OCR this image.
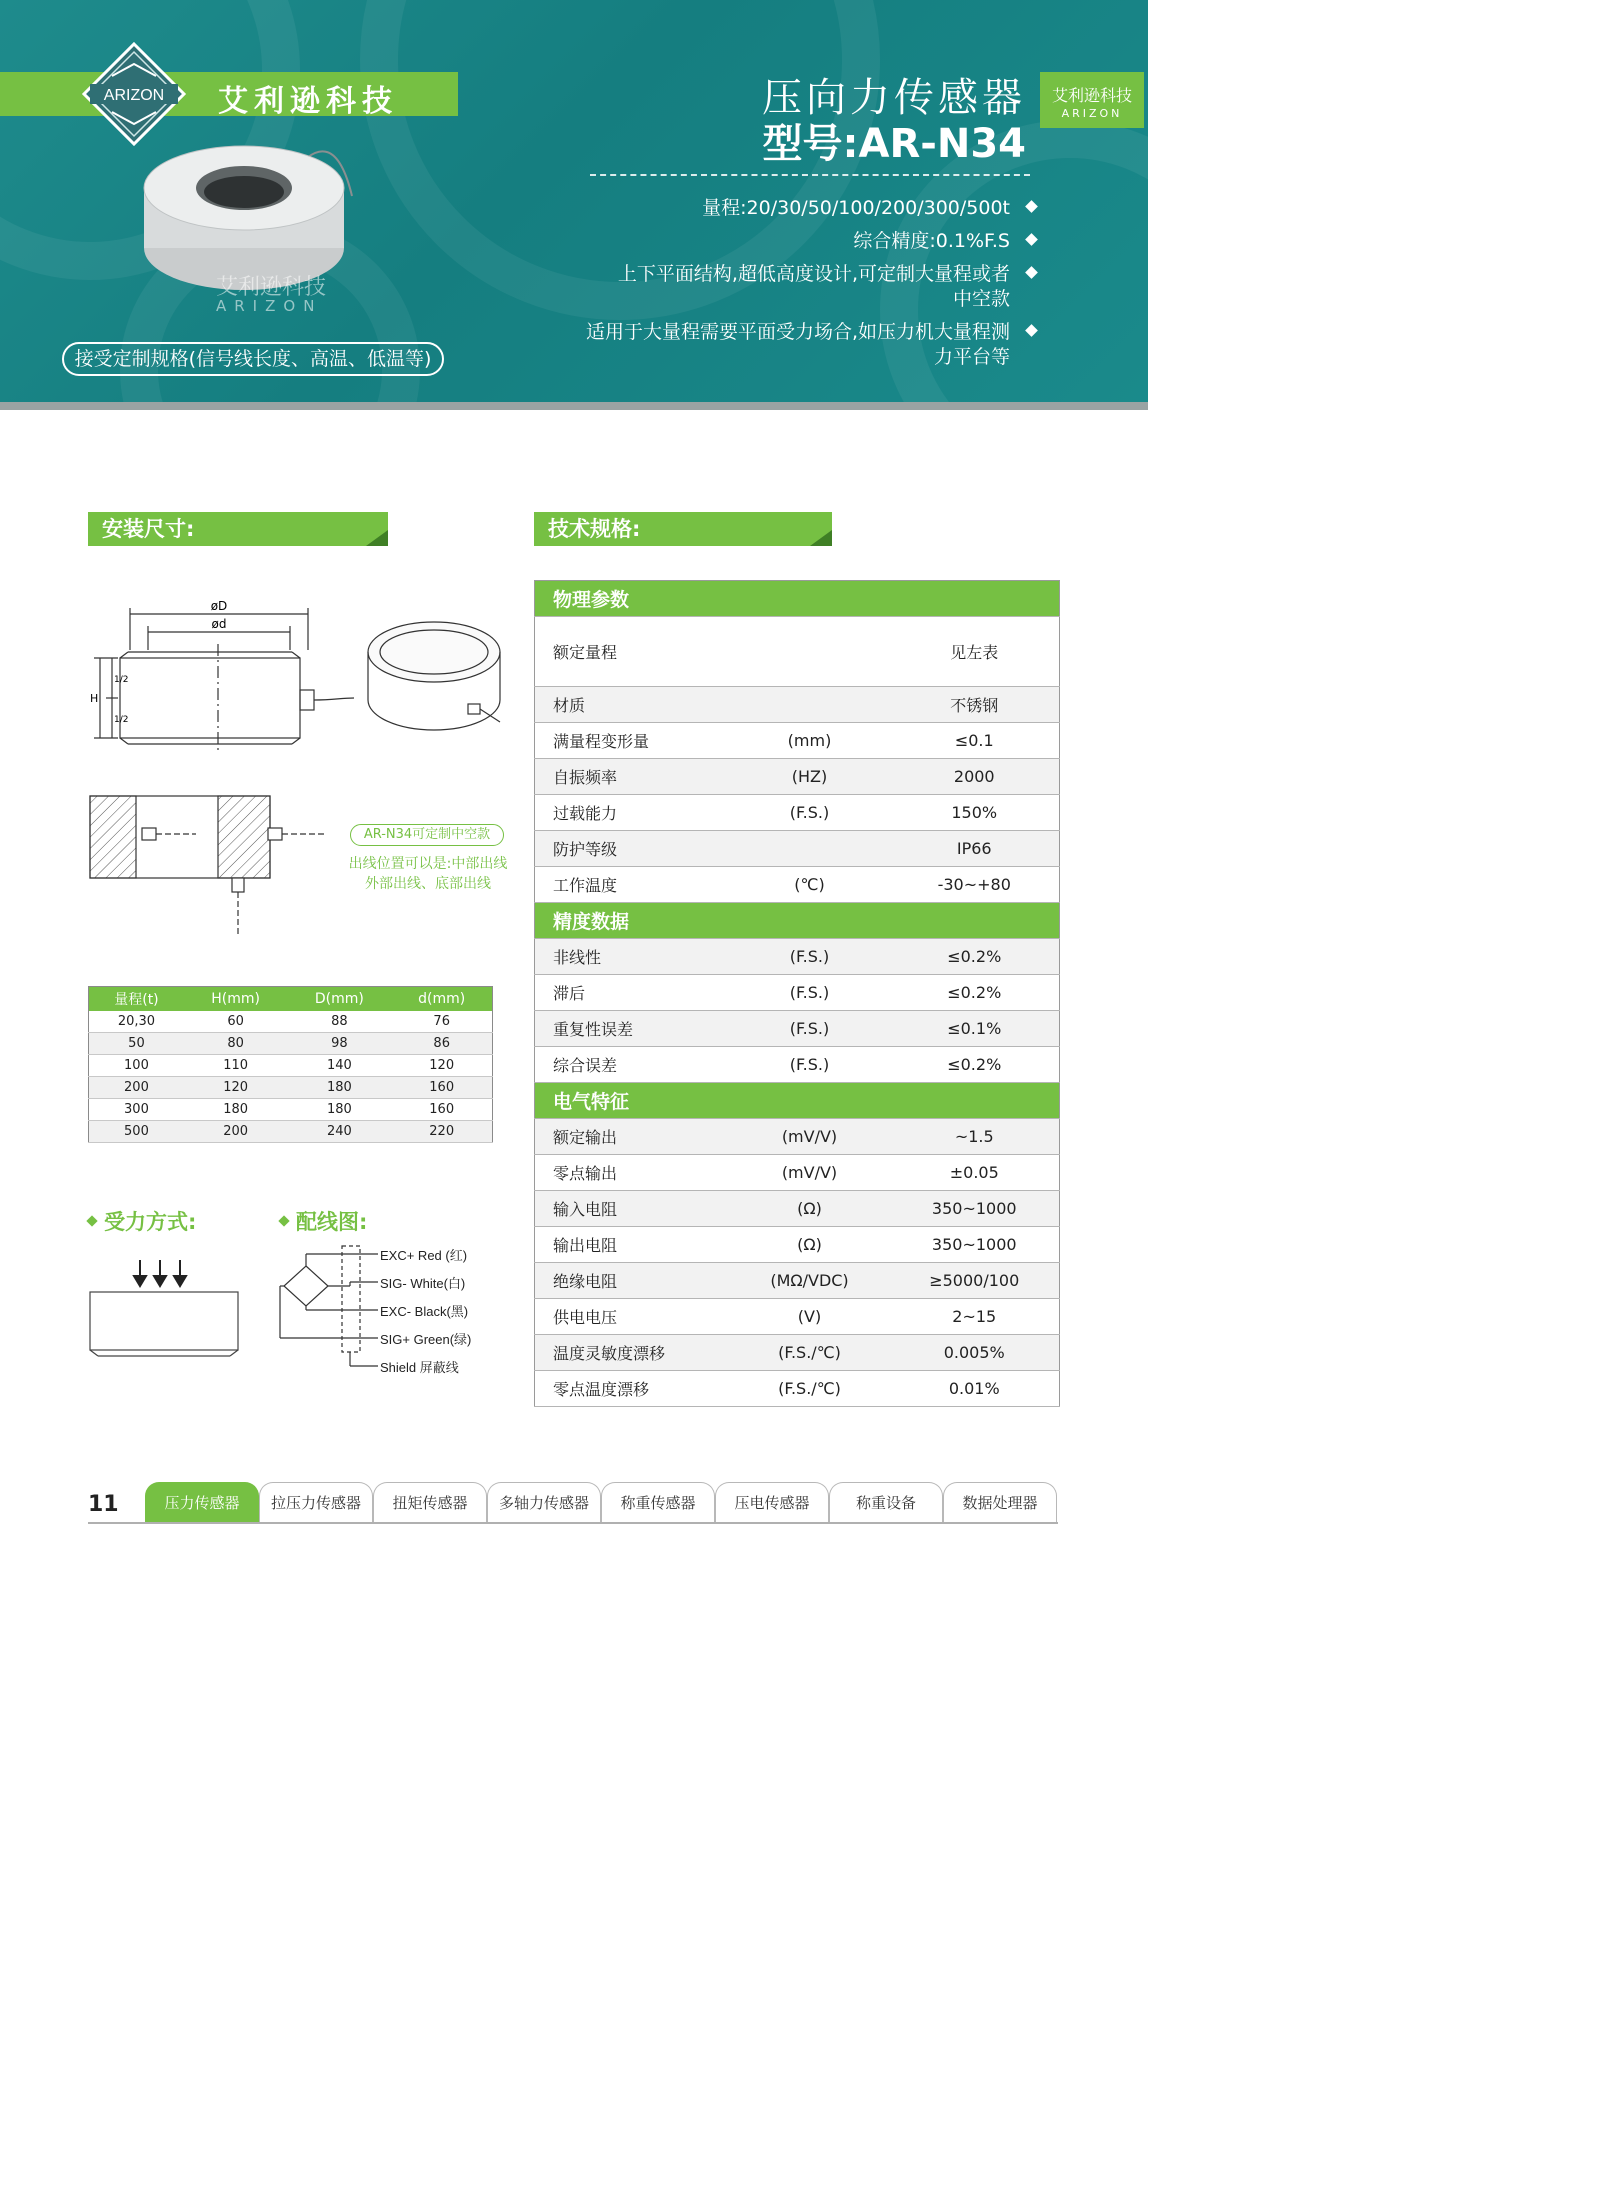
艾利逊科技
ARIZON
艾利逊科技
ARIZON
接受定制规格(信号线长度、高温、低温等)
压向力传感器
型号:AR-N34
艾利逊科技
ARIZON
量程:20/30/50/100/200/300/500t
综合精度:0.1%F.S
上下平面结构,超低高度设计,可定制大量程或者中空款
适用于大量程需要平面受力场合,如压力机大量程测力平台等
安装尺寸:
øD
ød
H
1/2
1/2
AR-N34可定制中空款
出线位置可以是:中部出线
外部出线、底部出线
量程(t)	H(mm)	D(mm)	d(mm)
20,30	60	88	76
50	80	98	86
100	110	140	120
200	120	180	160
300	180	180	160
500	200	240	220
受力方式:	配线图:
EXC+ Red (红)
SIG- White(白)
EXC- Black(黑)
SIG+ Green(绿)
Shield 屏蔽线
技术规格:
物理参数		
额定量程		见左表
材质		不锈钢
满量程变形量	(mm)	≤0.1
自振频率	(HZ)	2000
过载能力	(F.S.)	150%
防护等级		IP66
工作温度	(℃)	-30~+80
精度数据		
非线性	(F.S.)	≤0.2%
滞后	(F.S.)	≤0.2%
重复性误差	(F.S.)	≤0.1%
综合误差	(F.S.)	≤0.2%
电气特征		
额定输出	(mV/V)	~1.5
零点输出	(mV/V)	±0.05
输入电阻	(Ω)	350~1000
输出电阻	(Ω)	350~1000
绝缘电阻	(MΩ/VDC)	≥5000/100
供电电压	(V)	2~15
温度灵敏度漂移	(F.S./℃)	0.005%
零点温度漂移	(F.S./℃)	0.01%
11	压力传感器	拉压力传感器	扭矩传感器	多轴力传感器	称重传感器	压电传感器	称重设备	数据处理器
